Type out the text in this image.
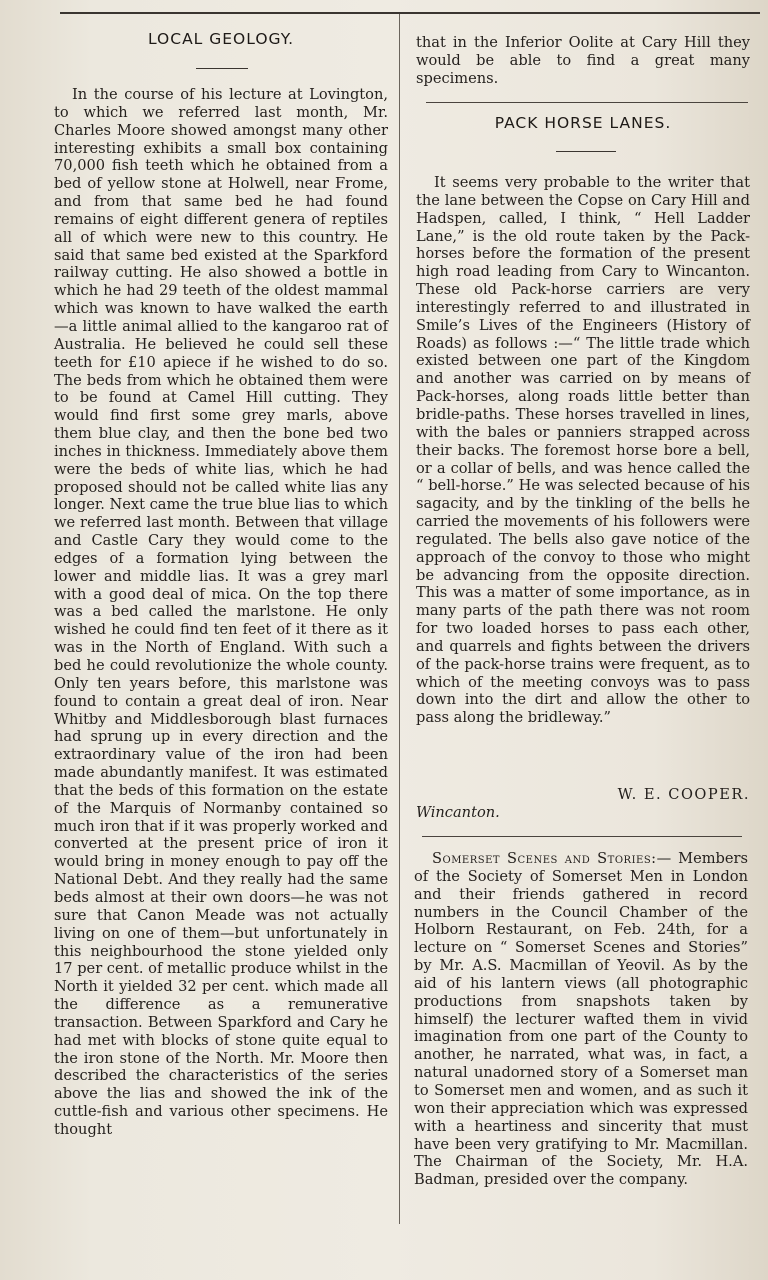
LOCAL GEOLOGY.

In the course of his lecture at Lovington, to which we referred last month, Mr. Charles Moore showed amongst many other interesting exhibits a small box containing 70,000 fish teeth which he obtained from a bed of yellow stone at Holwell, near Frome, and from that same bed he had found remains of eight different genera of reptiles all of which were new to this country. He said that same bed existed at the Sparkford railway cutting. He also showed a bottle in which he had 29 teeth of the oldest mammal which was known to have walked the earth—a little animal allied to the kangaroo rat of Australia. He believed he could sell these teeth for £10 apiece if he wished to do so. The beds from which he obtained them were to be found at Camel Hill cutting. They would find first some grey marls, above them blue clay, and then the bone bed two inches in thickness. Immediately above them were the beds of white lias, which he had proposed should not be called white lias any longer. Next came the true blue lias to which we referred last month. Between that village and Castle Cary they would come to the edges of a formation lying between the lower and middle lias. It was a grey marl with a good deal of mica. On the top there was a bed called the marlstone. He only wished he could find ten feet of it there as it was in the North of England. With such a bed he could revolutionize the whole county. Only ten years before, this marlstone was found to contain a great deal of iron. Near Whitby and Middlesborough blast furnaces had sprung up in every direction and the extraordinary value of the iron had been made abundantly manifest. It was estimated that the beds of this formation on the estate of the Marquis of Normanby contained so much iron that if it was properly worked and converted at the present price of iron it would bring in money enough to pay off the National Debt. And they really had the same beds almost at their own doors—he was not sure that Canon Meade was not actually living on one of them—but unfortunately in this neighbourhood the stone yielded only 17 per cent. of metallic produce whilst in the North it yielded 32 per cent. which made all the difference as a remunerative transaction. Between Sparkford and Cary he had met with blocks of stone quite equal to the iron stone of the North. Mr. Moore then described the characteristics of the series above the lias and showed the ink of the cuttle-fish and various other specimens. He thought

that in the Inferior Oolite at Cary Hill they would be able to find a great many specimens.

PACK HORSE LANES.

It seems very probable to the writer that the lane between the Copse on Cary Hill and Hadspen, called, I think, “ Hell Ladder Lane,” is the old route taken by the Pack-horses before the formation of the present high road leading from Cary to Wincanton. These old Pack-horse carriers are very interestingly referred to and illustrated in Smile’s Lives of the Engineers (History of Roads) as follows :—“ The little trade which existed between one part of the Kingdom and another was carried on by means of Pack-horses, along roads little better than bridle-paths. These horses travelled in lines, with the bales or panniers strapped across their backs. The foremost horse bore a bell, or a collar of bells, and was hence called the “ bell-horse.” He was selected because of his sagacity, and by the tinkling of the bells he carried the movements of his followers were regulated. The bells also gave notice of the approach of the convoy to those who might be advancing from the opposite direction. This was a matter of some importance, as in many parts of the path there was not room for two loaded horses to pass each other, and quarrels and fights between the drivers of the pack-horse trains were frequent, as to which of the meeting convoys was to pass down into the dirt and allow the other to pass along the bridleway.”

W. E. COOPER.
Wincanton.

Somerset Scenes and Stories:— Members of the Society of Somerset Men in London and their friends gathered in record numbers in the Council Chamber of the Holborn Restaurant, on Feb. 24th, for a lecture on “ Somerset Scenes and Stories” by Mr. A.S. Macmillan of Yeovil. As by the aid of his lantern views (all photographic productions from snapshots taken by himself) the lecturer wafted them in vivid imagination from one part of the County to another, he narrated, what was, in fact, a natural unadorned story of a Somerset man to Somerset men and women, and as such it won their appreciation which was expressed with a heartiness and sincerity that must have been very gratifying to Mr. Macmillan. The Chairman of the Society, Mr. H.A. Badman, presided over the company.
